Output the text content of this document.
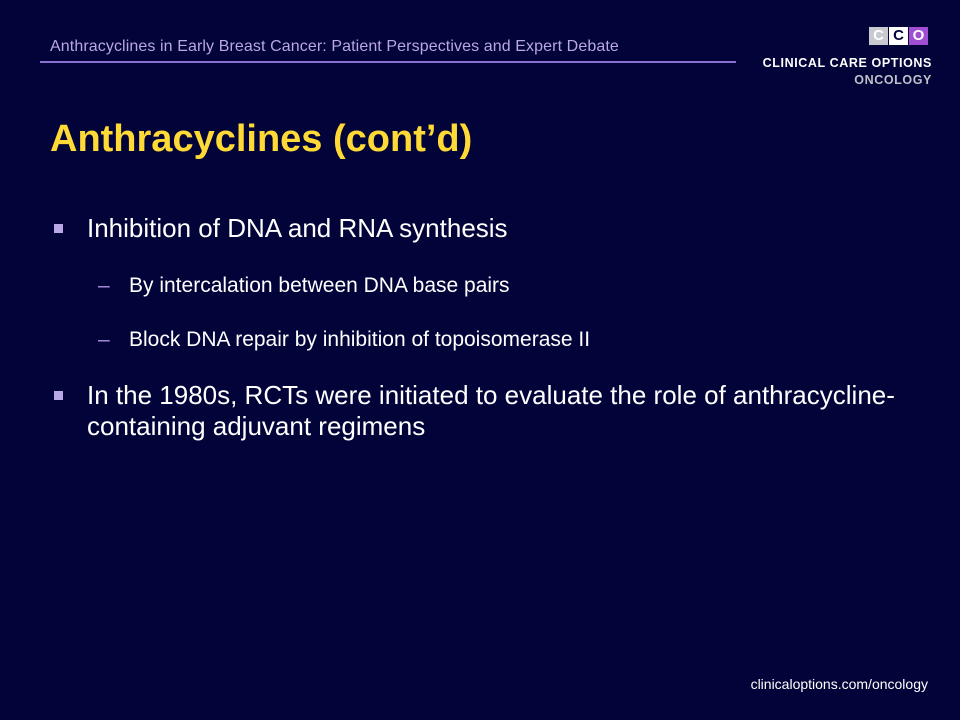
Anthracyclines in Early Breast Cancer: Patient Perspectives and Expert Debate
C C O
CLINICAL CARE OPTIONS
ONCOLOGY
Anthracyclines (cont’d)
Inhibition of DNA and RNA synthesis
– By intercalation between DNA base pairs
– Block DNA repair by inhibition of topoisomerase II
In the 1980s, RCTs were initiated to evaluate the role of anthracycline-containing adjuvant regimens
clinicaloptions.com/oncology
